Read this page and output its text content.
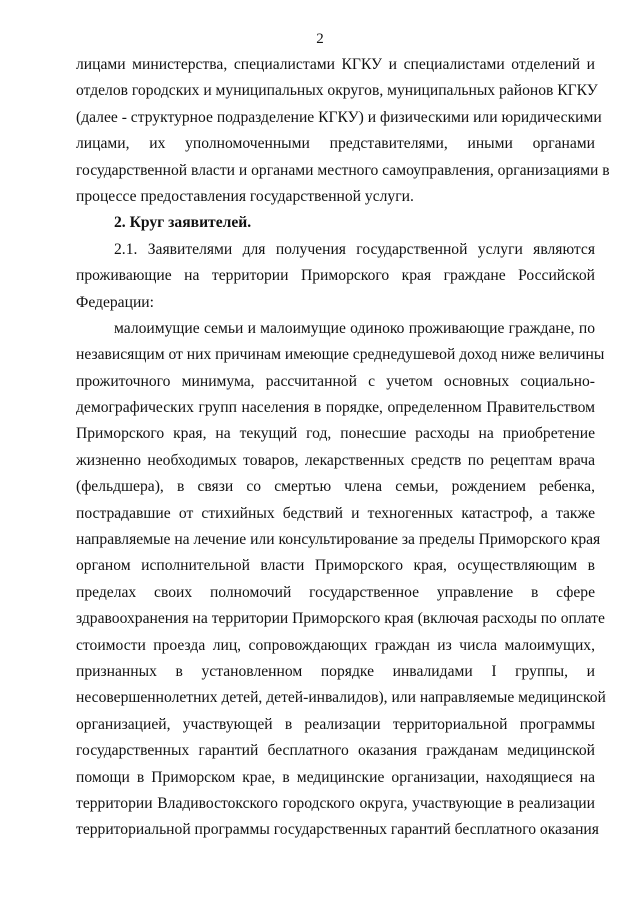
2
лицами министерства, специалистами КГКУ и специалистами отделений и
отделов городских и муниципальных округов, муниципальных районов КГКУ
(далее - структурное подразделение КГКУ) и физическими или юридическими
лицами, их уполномоченными представителями, иными органами
государственной власти и органами местного самоуправления, организациями в
процессе предоставления государственной услуги.
2. Круг заявителей.
2.1. Заявителями для получения государственной услуги являются
проживающие на территории Приморского края граждане Российской
Федерации:
малоимущие семьи и малоимущие одиноко проживающие граждане, по
независящим от них причинам имеющие среднедушевой доход ниже величины
прожиточного минимума, рассчитанной с учетом основных социально-
демографических групп населения в порядке, определенном Правительством
Приморского края, на текущий год, понесшие расходы на приобретение
жизненно необходимых товаров, лекарственных средств по рецептам врача
(фельдшера), в связи со смертью члена семьи, рождением ребенка,
пострадавшие от стихийных бедствий и техногенных катастроф, а также
направляемые на лечение или консультирование за пределы Приморского края
органом исполнительной власти Приморского края, осуществляющим в
пределах своих полномочий государственное управление в сфере
здравоохранения на территории Приморского края (включая расходы по оплате
стоимости проезда лиц, сопровождающих граждан из числа малоимущих,
признанных в установленном порядке инвалидами I группы, и
несовершеннолетних детей, детей-инвалидов), или направляемые медицинской
организацией, участвующей в реализации территориальной программы
государственных гарантий бесплатного оказания гражданам медицинской
помощи в Приморском крае, в медицинские организации, находящиеся на
территории Владивостокского городского округа, участвующие в реализации
территориальной программы государственных гарантий бесплатного оказания
